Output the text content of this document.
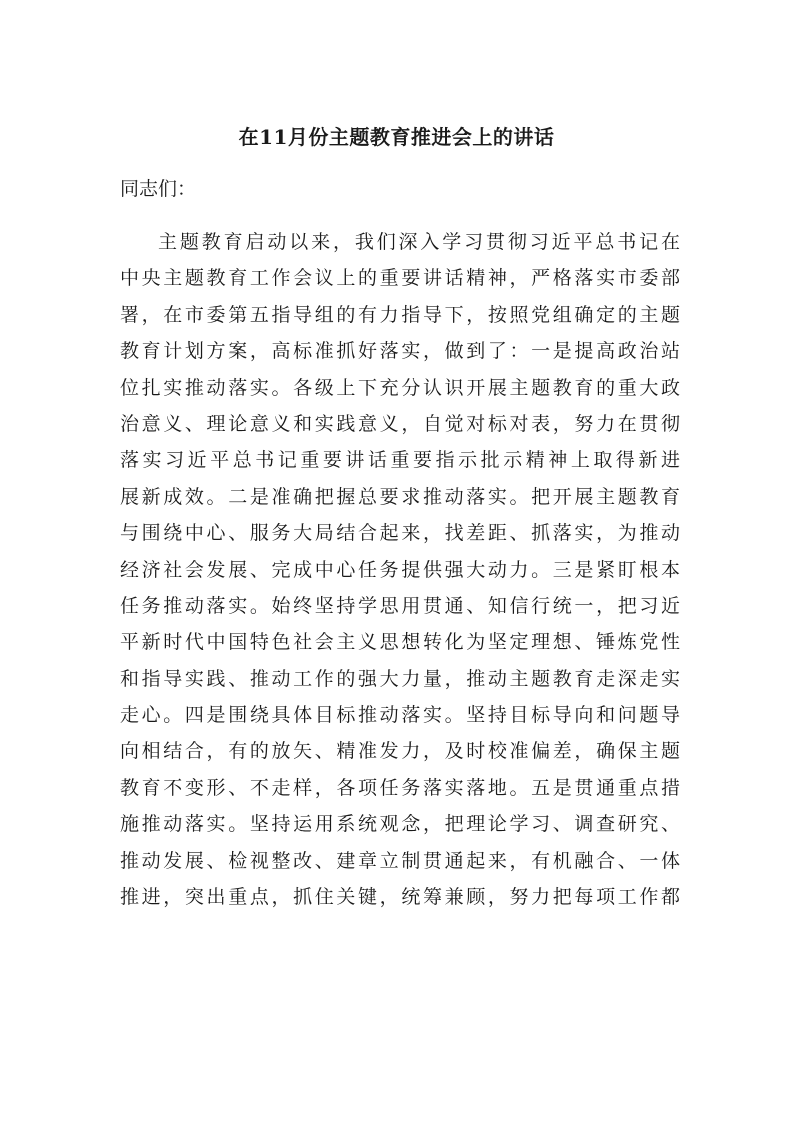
在11月份主题教育推进会上的讲话
同志们：
主题教育启动以来，我们深入学习贯彻习近平总书记在
中央主题教育工作会议上的重要讲话精神，严格落实市委部
署，在市委第五指导组的有力指导下，按照党组确定的主题
教育计划方案，高标准抓好落实，做到了：一是提高政治站
位扎实推动落实。各级上下充分认识开展主题教育的重大政
治意义、理论意义和实践意义，自觉对标对表，努力在贯彻
落实习近平总书记重要讲话重要指示批示精神上取得新进
展新成效。二是准确把握总要求推动落实。把开展主题教育
与围绕中心、服务大局结合起来，找差距、抓落实，为推动
经济社会发展、完成中心任务提供强大动力。三是紧盯根本
任务推动落实。始终坚持学思用贯通、知信行统一，把习近
平新时代中国特色社会主义思想转化为坚定理想、锤炼党性
和指导实践、推动工作的强大力量，推动主题教育走深走实
走心。四是围绕具体目标推动落实。坚持目标导向和问题导
向相结合，有的放矢、精准发力，及时校准偏差，确保主题
教育不变形、不走样，各项任务落实落地。五是贯通重点措
施推动落实。坚持运用系统观念，把理论学习、调查研究、
推动发展、检视整改、建章立制贯通起来，有机融合、一体
推进，突出重点，抓住关键，统筹兼顾，努力把每项工作都
